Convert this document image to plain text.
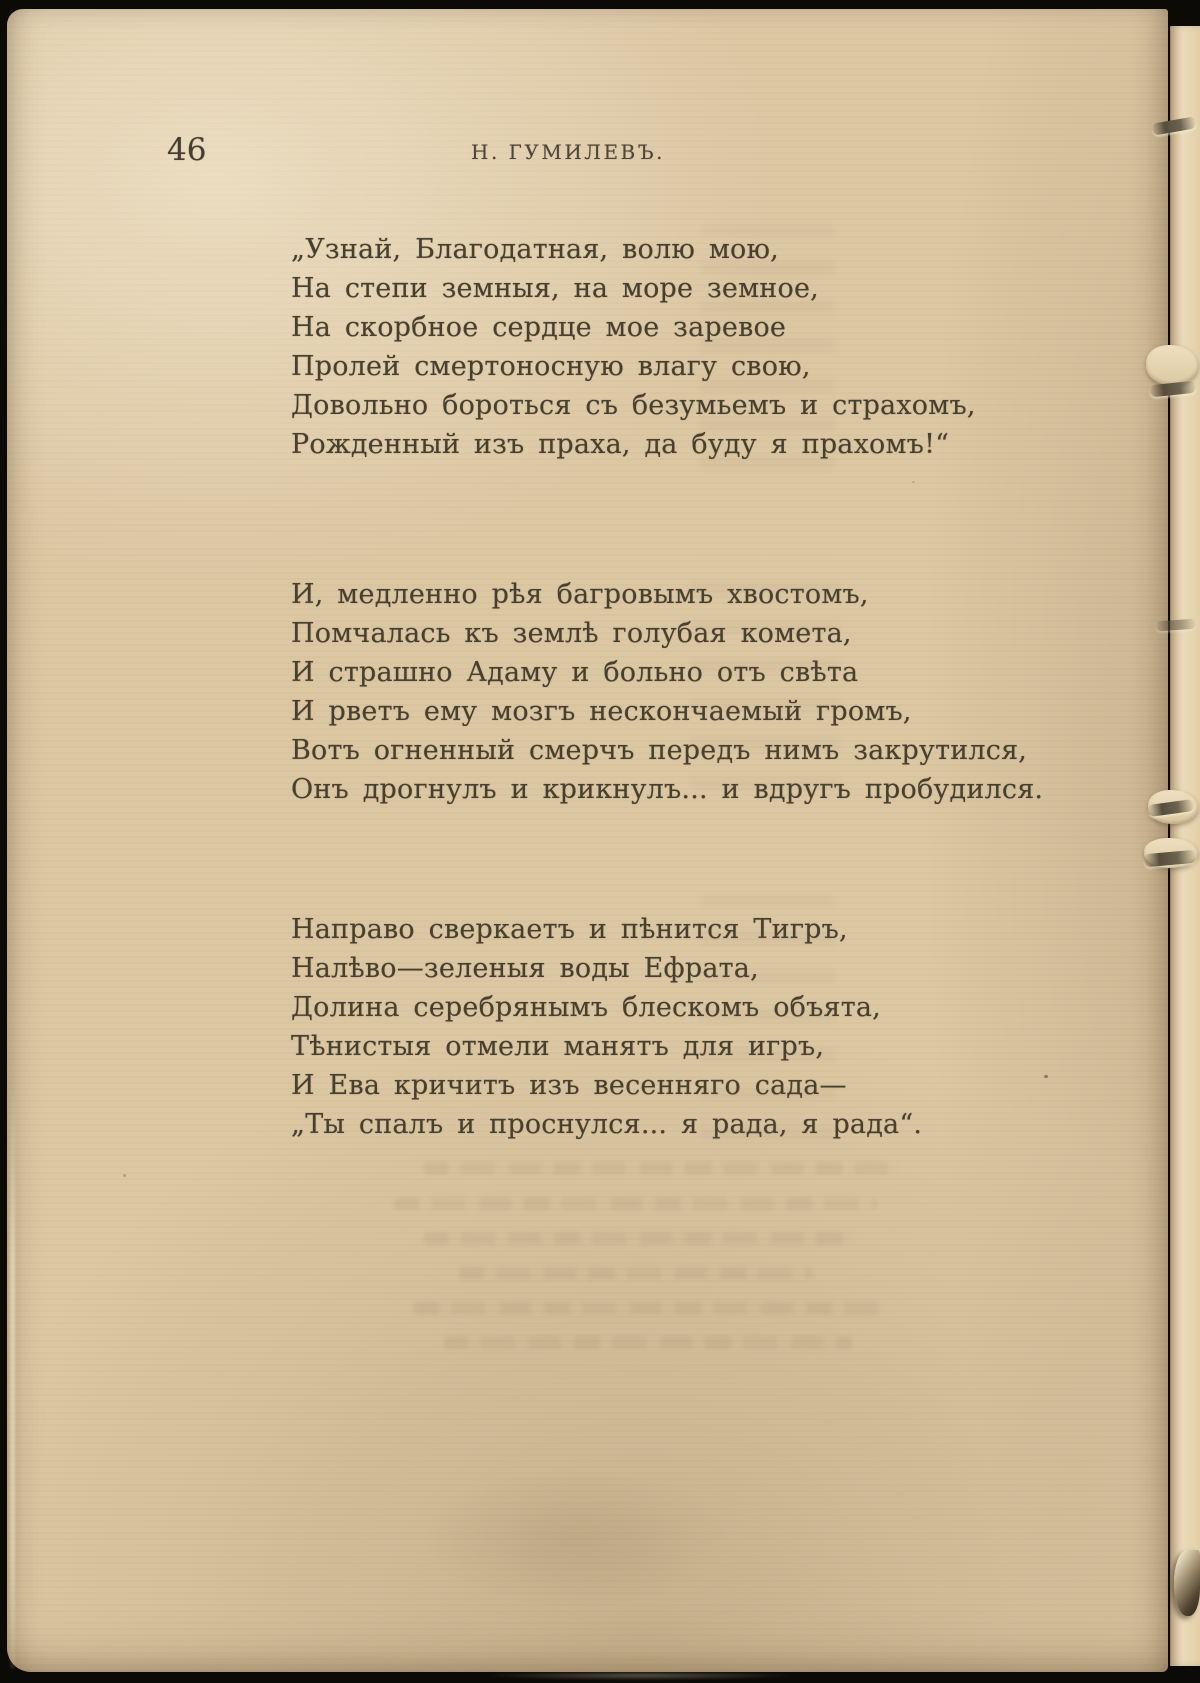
46	Н. ГУМИЛЕВЪ.
„Узнай, Благодатная, волю мою,
На степи земныя, на море земное,
На скорбное сердце мое заревое
Пролей смертоносную влагу свою,
Довольно бороться съ безумьемъ и страхомъ,
Рожденный изъ праха, да буду я прахомъ!“
И, медленно рѣя багровымъ хвостомъ,
Помчалась къ землѣ голубая комета,
И страшно Адаму и больно отъ свѣта
И рветъ ему мозгъ нескончаемый громъ,
Вотъ огненный смерчъ передъ нимъ закрутился,
Онъ дрогнулъ и крикнулъ... и вдругъ пробудился.
Направо сверкаетъ и пѣнится Тигръ,
Налѣво—зеленыя воды Ефрата,
Долина серебрянымъ блескомъ объята,
Тѣнистыя отмели манятъ для игръ,
И Ева кричитъ изъ весенняго сада—
„Ты спалъ и проснулся... я рада, я рада“.
